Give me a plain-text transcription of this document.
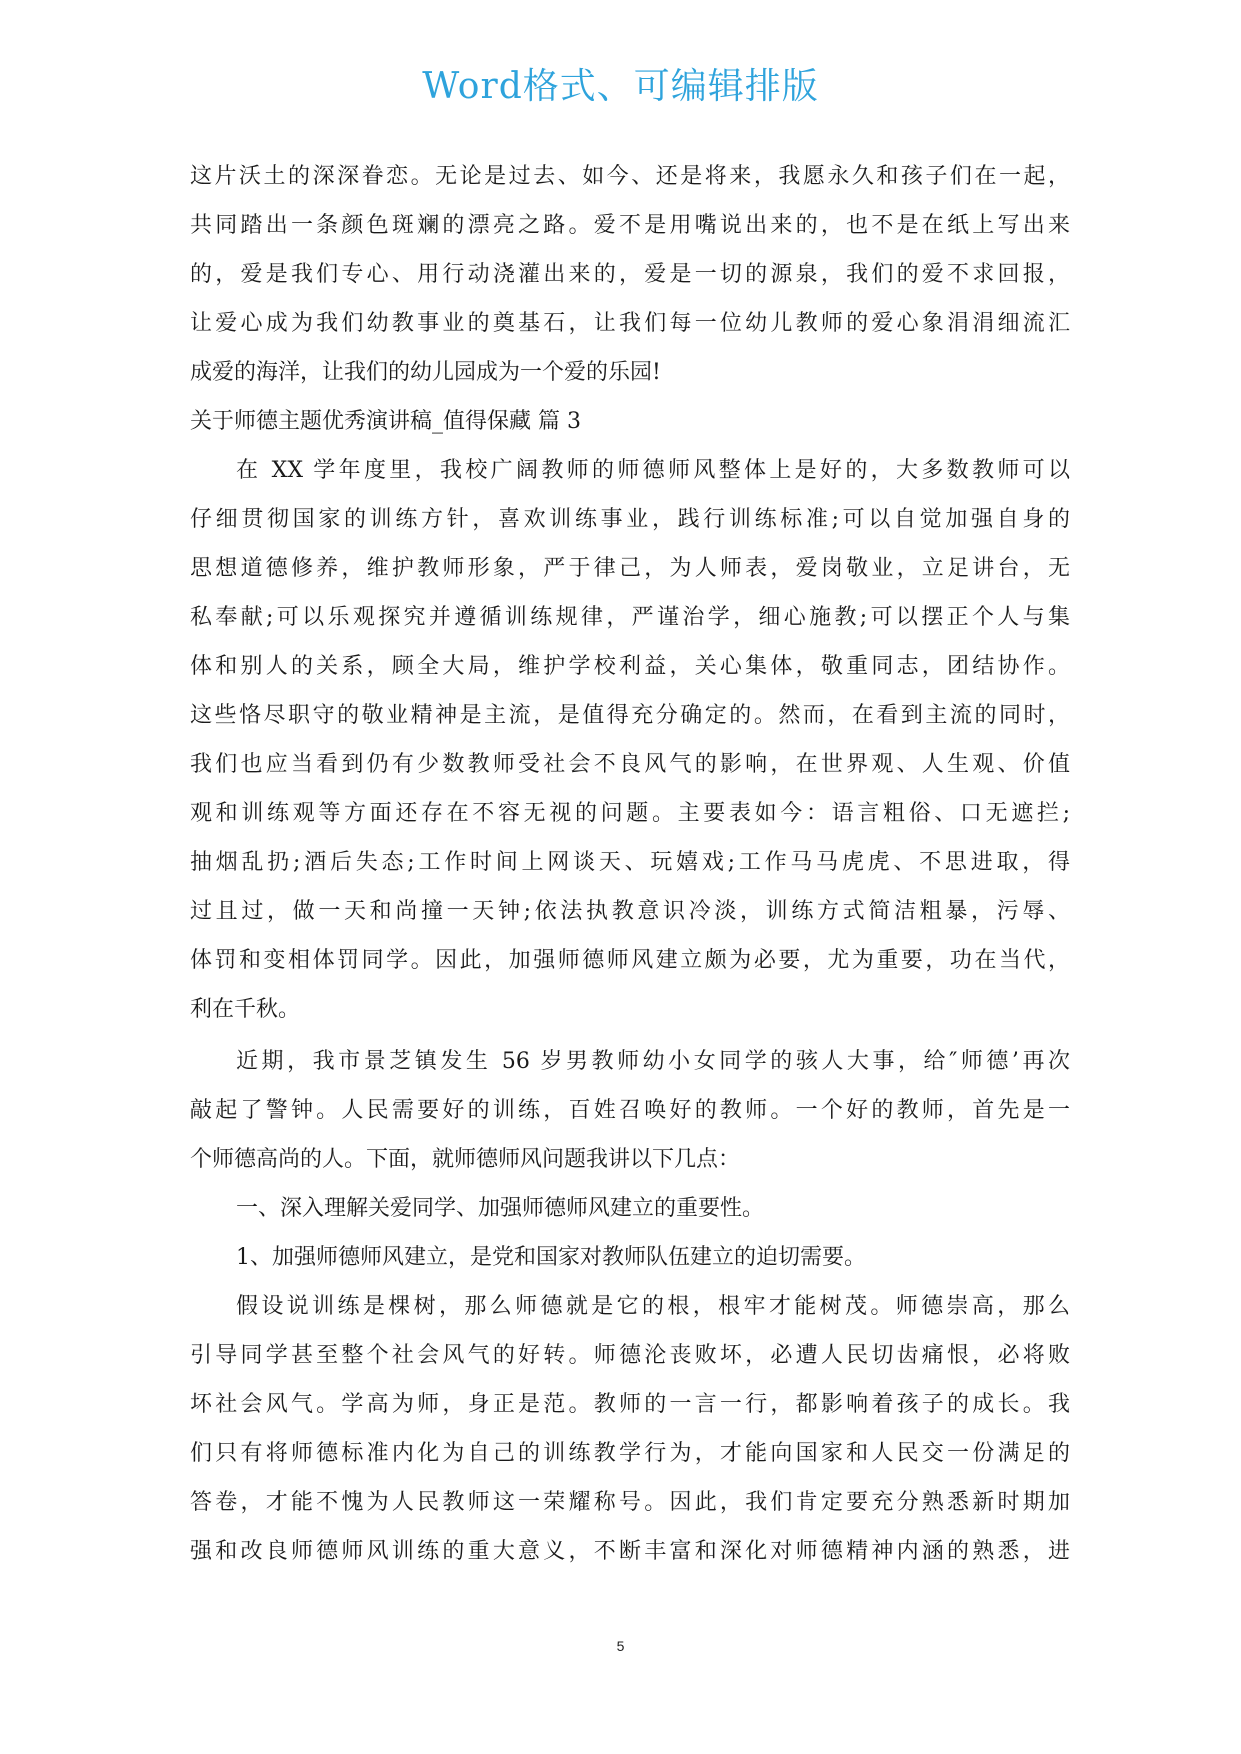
Word格式、可编辑排版
这片沃土的深深眷恋。无论是过去、如今、还是将来，我愿永久和孩子们在一起，
共同踏出一条颜色斑斓的漂亮之路。爱不是用嘴说出来的，也不是在纸上写出来
的，爱是我们专心、用行动浇灌出来的，爱是一切的源泉，我们的爱不求回报，
让爱心成为我们幼教事业的奠基石，让我们每一位幼儿教师的爱心象涓涓细流汇
成爱的海洋，让我们的幼儿园成为一个爱的乐园!
关于师德主题优秀演讲稿_值得保藏 篇 3
在 XX 学年度里，我校广阔教师的师德师风整体上是好的，大多数教师可以
仔细贯彻国家的训练方针，喜欢训练事业，践行训练标准;可以自觉加强自身的
思想道德修养，维护教师形象，严于律己，为人师表，爱岗敬业，立足讲台，无
私奉献;可以乐观探究并遵循训练规律，严谨治学，细心施教;可以摆正个人与集
体和别人的关系，顾全大局，维护学校利益，关心集体，敬重同志，团结协作。
这些恪尽职守的敬业精神是主流，是值得充分确定的。然而，在看到主流的同时，
我们也应当看到仍有少数教师受社会不良风气的影响，在世界观、人生观、价值
观和训练观等方面还存在不容无视的问题。主要表如今：语言粗俗、口无遮拦;
抽烟乱扔;酒后失态;工作时间上网谈天、玩嬉戏;工作马马虎虎、不思进取，得
过且过，做一天和尚撞一天钟;依法执教意识冷淡，训练方式简洁粗暴，污辱、
体罚和变相体罚同学。因此，加强师德师风建立颇为必要，尤为重要，功在当代，
利在千秋。
近期，我市景芝镇发生 56 岁男教师幼小女同学的骇人大事，给″师德’再次
敲起了警钟。人民需要好的训练，百姓召唤好的教师。一个好的教师，首先是一
个师德高尚的人。下面，就师德师风问题我讲以下几点：
一、深入理解关爱同学、加强师德师风建立的重要性。
1、加强师德师风建立，是党和国家对教师队伍建立的迫切需要。
假设说训练是棵树，那么师德就是它的根，根牢才能树茂。师德崇高，那么
引导同学甚至整个社会风气的好转。师德沦丧败坏，必遭人民切齿痛恨，必将败
坏社会风气。学高为师，身正是范。教师的一言一行，都影响着孩子的成长。我
们只有将师德标准内化为自己的训练教学行为，才能向国家和人民交一份满足的
答卷，才能不愧为人民教师这一荣耀称号。因此，我们肯定要充分熟悉新时期加
强和改良师德师风训练的重大意义，不断丰富和深化对师德精神内涵的熟悉，进
5
